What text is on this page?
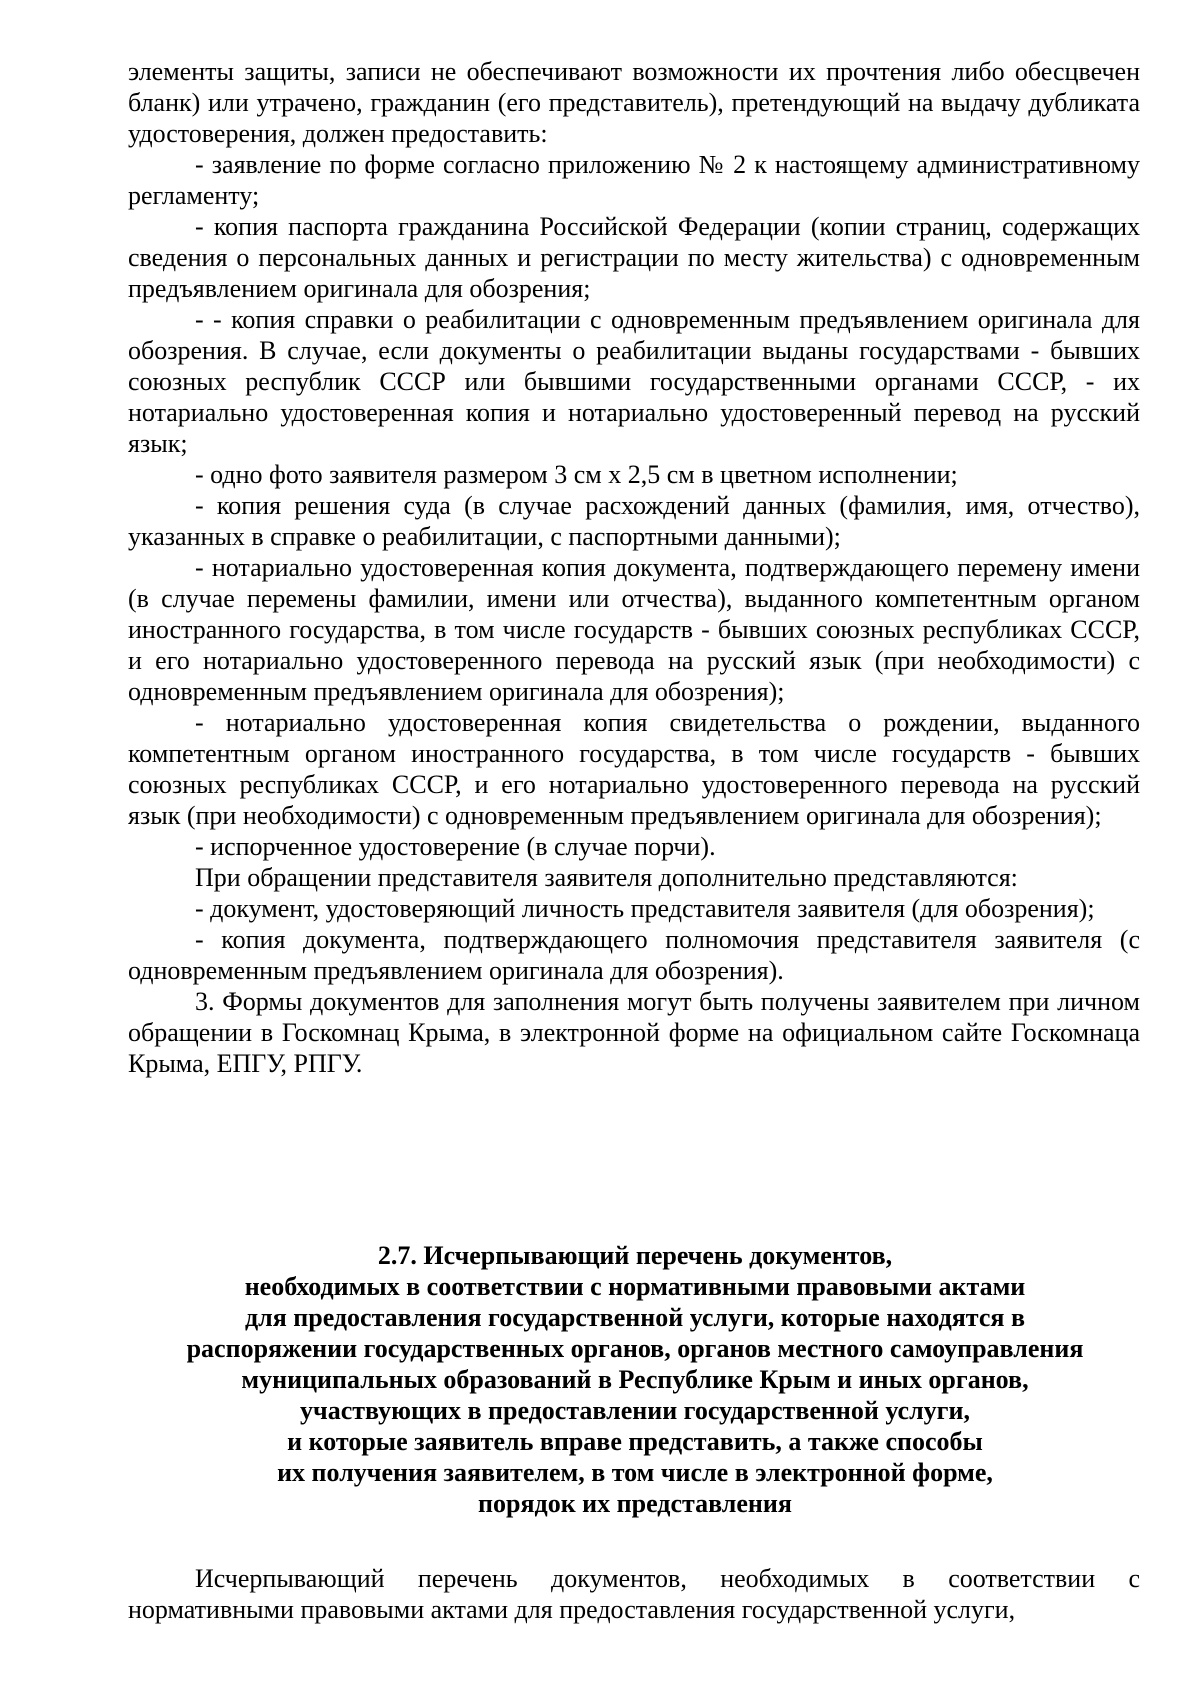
элементы защиты, записи не обеспечивают возможности их прочтения либо обесцвечен бланк) или утрачено, гражданин (его представитель), претендующий на выдачу дубликата удостоверения, должен предоставить:

- заявление по форме согласно приложению № 2 к настоящему административному регламенту;

- копия паспорта гражданина Российской Федерации (копии страниц, содержащих сведения о персональных данных и регистрации по месту жительства) с одновременным предъявлением оригинала для обозрения;

- - копия справки о реабилитации с одновременным предъявлением оригинала для обозрения. В случае, если документы о реабилитации выданы государствами - бывших союзных республик СССР или бывшими государственными органами СССР, - их нотариально удостоверенная копия и нотариально удостоверенный перевод на русский язык;

- одно фото заявителя размером 3 см х 2,5 см в цветном исполнении;

- копия решения суда (в случае расхождений данных (фамилия, имя, отчество), указанных в справке о реабилитации, с паспортными данными);

- нотариально удостоверенная копия документа, подтверждающего перемену имени (в случае перемены фамилии, имени или отчества), выданного компетентным органом иностранного государства, в том числе государств - бывших союзных республиках СССР, и его нотариально удостоверенного перевода на русский язык (при необходимости) с одновременным предъявлением оригинала для обозрения);

- нотариально удостоверенная копия свидетельства о рождении, выданного компетентным органом иностранного государства, в том числе государств - бывших союзных республиках СССР, и его нотариально удостоверенного перевода на русский язык (при необходимости) с одновременным предъявлением оригинала для обозрения);

- испорченное удостоверение (в случае порчи).

При обращении представителя заявителя дополнительно представляются:

- документ, удостоверяющий личность представителя заявителя (для обозрения);

- копия документа, подтверждающего полномочия представителя заявителя (с одновременным предъявлением оригинала для обозрения).

3. Формы документов для заполнения могут быть получены заявителем при личном обращении в Госкомнац Крыма, в электронной форме на официальном сайте Госкомнаца Крыма, ЕПГУ, РПГУ.

2.7. Исчерпывающий перечень документов,
необходимых в соответствии с нормативными правовыми актами
для предоставления государственной услуги, которые находятся в
распоряжении государственных органов, органов местного самоуправления
муниципальных образований в Республике Крым и иных органов,
участвующих в предоставлении государственной услуги,
и которые заявитель вправе представить, а также способы
их получения заявителем, в том числе в электронной форме,
порядок их представления

Исчерпывающий перечень документов, необходимых в соответствии с нормативными правовыми актами для предоставления государственной услуги,
